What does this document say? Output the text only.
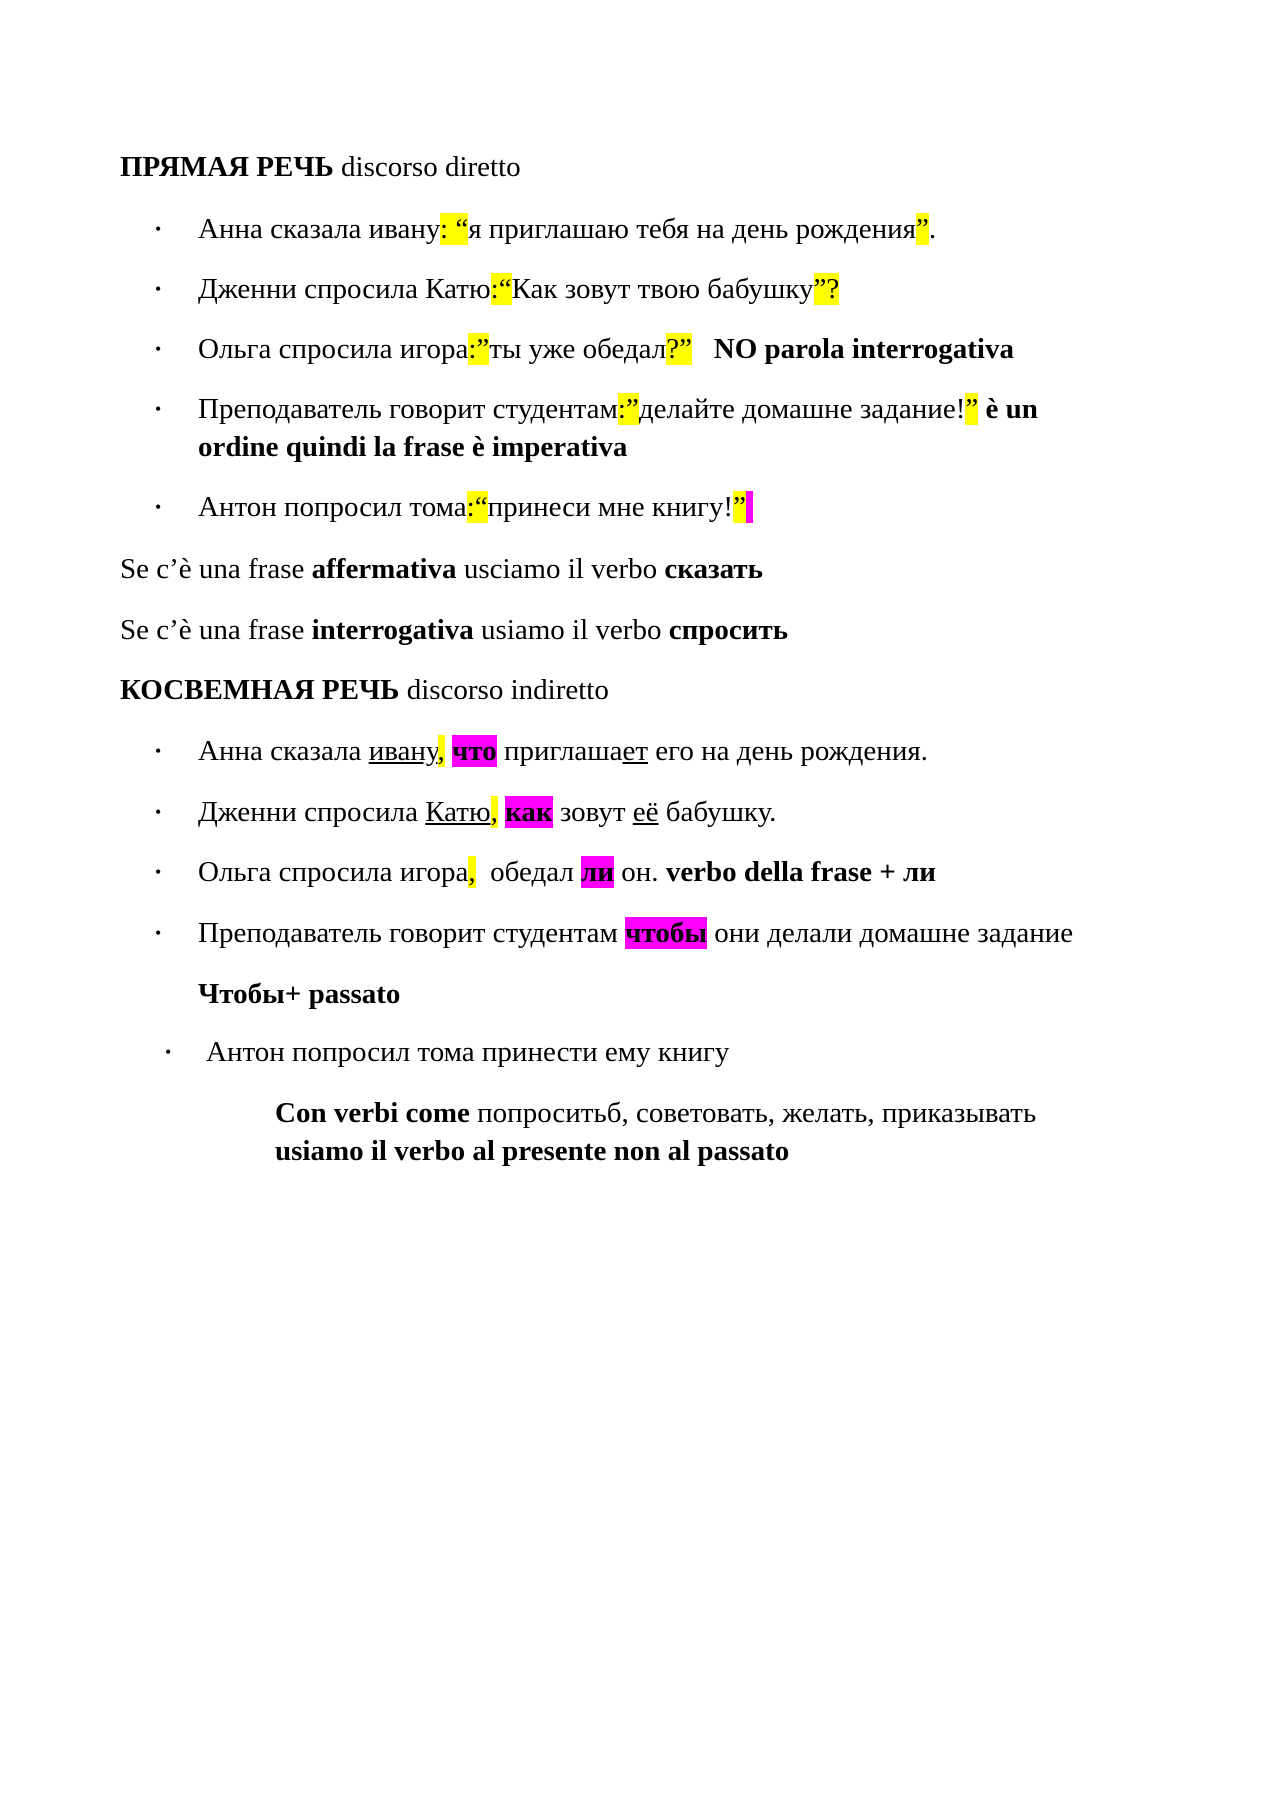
ПРЯМАЯ РЕЧЬ discorso diretto
•	Анна сказала ивану: “я приглашаю тебя на день рождения”.
•	Дженни спросила Катю:“Как зовут твою бабушку”?
•	Ольга спросила игора:”ты уже обедал?” NO parola interrogativa
•	Преподаватель говорит студентам:”делайте домашне задание!” è un ordine quindi la frase è imperativa
•	Антон попросил тома:“принеси мне книгу!”
Se c’è una frase affermativa usciamo il verbo сказать
Se c’è una frase interrogativa usiamo il verbo спросить
КОСВЕМНАЯ РЕЧЬ discorso indiretto
•	Анна сказала ивану, что приглашает его на день рождения.
•	Дженни спросила Катю, как зовут её бабушку.
•	Ольга спросила игора, обедал ли он. verbo della frase + ли
•	Преподаватель говорит студентам чтобы они делали домашне задание
Чтобы+ passato
•	Антон попросил тома принести ему книгу
Con verbi come попроситьб, советовать, желать, приказывать
usiamo il verbo al presente non al passato
